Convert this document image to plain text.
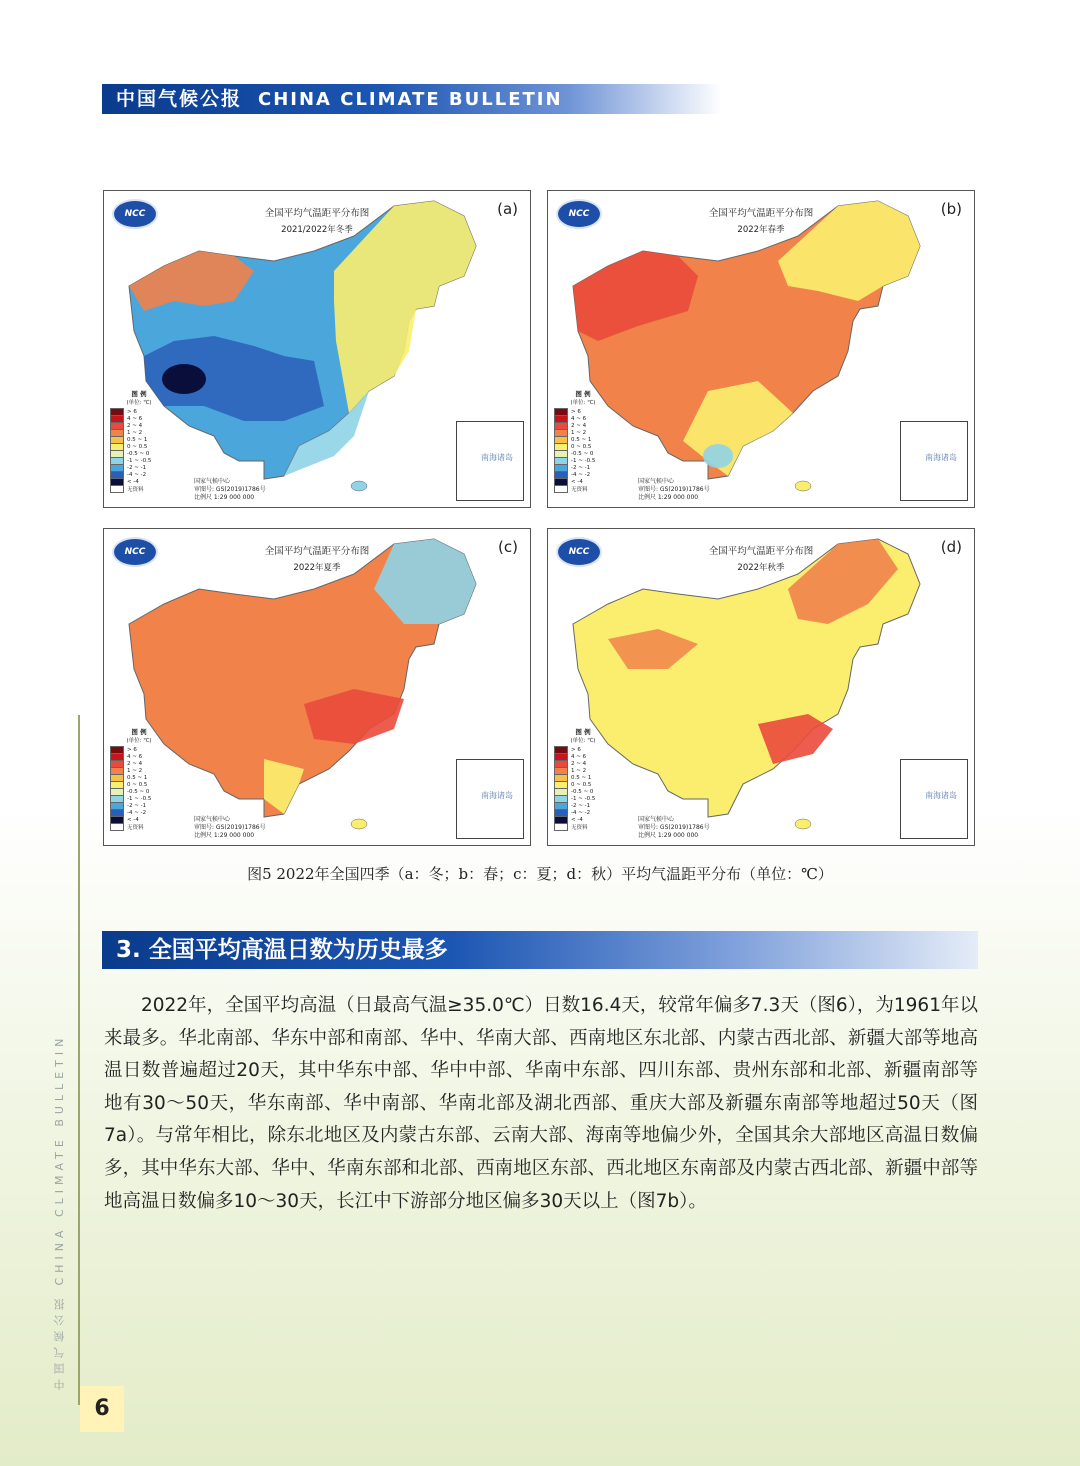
中国气候公报 CHINA CLIMATE BULLETIN
NCC	全国平均气温距平分布图
2021/2022年冬季
(a)
图 例
(单位: ℃)
> 6
4 ~ 6
2 ~ 4
1 ~ 2
0.5 ~ 1
0 ~ 0.5
-0.5 ~ 0
-1 ~ -0.5
-2 ~ -1
-4 ~ -2
< -4
无资料
国家气候中心
审图号: GS(2019)1786号
比例尺 1:29 000 000
南海诸岛
NCC	全国平均气温距平分布图
2022年春季
(b)
图 例
(单位: ℃)
> 6
4 ~ 6
2 ~ 4
1 ~ 2
0.5 ~ 1
0 ~ 0.5
-0.5 ~ 0
-1 ~ -0.5
-2 ~ -1
-4 ~ -2
< -4
无资料
国家气候中心
审图号: GS(2019)1786号
比例尺 1:29 000 000
南海诸岛
NCC	全国平均气温距平分布图
2022年夏季
(c)
图 例
(单位: ℃)
> 6
4 ~ 6
2 ~ 4
1 ~ 2
0.5 ~ 1
0 ~ 0.5
-0.5 ~ 0
-1 ~ -0.5
-2 ~ -1
-4 ~ -2
< -4
无资料
国家气候中心
审图号: GS(2019)1786号
比例尺 1:29 000 000
南海诸岛
NCC	全国平均气温距平分布图
2022年秋季
(d)
图 例
(单位: ℃)
> 6
4 ~ 6
2 ~ 4
1 ~ 2
0.5 ~ 1
0 ~ 0.5
-0.5 ~ 0
-1 ~ -0.5
-2 ~ -1
-4 ~ -2
< -4
无资料
国家气候中心
审图号: GS(2019)1786号
比例尺 1:29 000 000
南海诸岛
图5 2022年全国四季（a：冬；b：春；c：夏；d：秋）平均气温距平分布（单位：℃）
3. 全国平均高温日数为历史最多
2022年，全国平均高温（日最高气温≥35.0℃）日数16.4天，较常年偏多7.3天（图6），为1961年以来最多。华北南部、华东中部和南部、华中、华南大部、西南地区东北部、内蒙古西北部、新疆大部等地高温日数普遍超过20天，其中华东中部、华中中部、华南中东部、四川东部、贵州东部和北部、新疆南部等地有30～50天，华东南部、华中南部、华南北部及湖北西部、重庆大部及新疆东南部等地超过50天（图7a）。与常年相比，除东北地区及内蒙古东部、云南大部、海南等地偏少外，全国其余大部地区高温日数偏多，其中华东大部、华中、华南东部和北部、西南地区东部、西北地区东南部及内蒙古西北部、新疆中部等地高温日数偏多10～30天，长江中下游部分地区偏多30天以上（图7b）。
中国气候公报 CHINA CLIMATE BULLETIN
6
